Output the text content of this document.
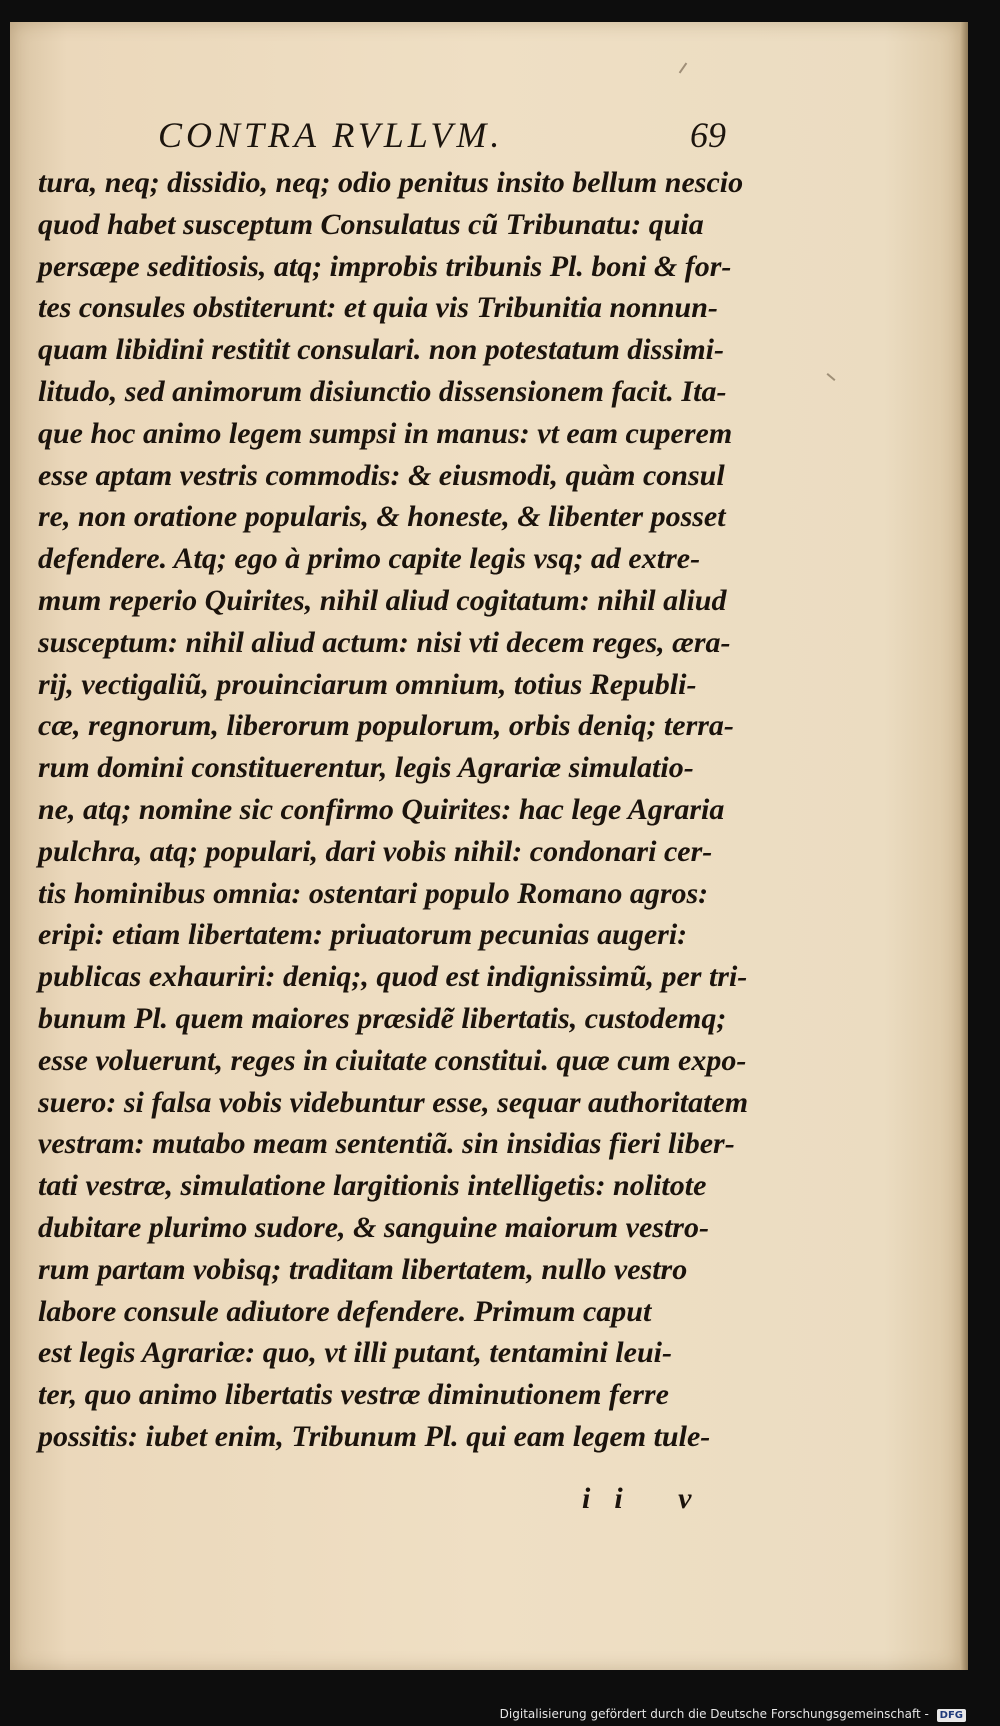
CONTRA RVLLVM.	69
tura, neq; dissidio, neq; odio penitus insito bellum nescio
quod habet susceptum Consulatus cũ Tribunatu: quia
persæpe seditiosis, atq; improbis tribunis Pl. boni & for-
tes consules obstiterunt: et quia vis Tribunitia nonnun-
quam libidini restitit consulari. non potestatum dissimi-
litudo, sed animorum disiunctio dissensionem facit. Ita-
que hoc animo legem sumpsi in manus: vt eam cuperem
esse aptam vestris commodis: & eiusmodi, quàm consul
re, non oratione popularis, & honeste, & libenter posset
defendere. Atq; ego à primo capite legis vsq; ad extre-
mum reperio Quirites, nihil aliud cogitatum: nihil aliud
susceptum: nihil aliud actum: nisi vti decem reges, æra-
rij, vectigaliũ, prouinciarum omnium, totius Republi-
cæ, regnorum, liberorum populorum, orbis deniq; terra-
rum domini constituerentur, legis Agrariæ simulatio-
ne, atq; nomine sic confirmo Quirites: hac lege Agraria
pulchra, atq; populari, dari vobis nihil: condonari cer-
tis hominibus omnia: ostentari populo Romano agros:
eripi: etiam libertatem: priuatorum pecunias augeri:
publicas exhauriri: deniq;, quod est indignissimũ, per tri-
bunum Pl. quem maiores præsidẽ libertatis, custodemq;
esse voluerunt, reges in ciuitate constitui. quæ cum expo-
suero: si falsa vobis videbuntur esse, sequar authoritatem
vestram: mutabo meam sententiã. sin insidias fieri liber-
tati vestræ, simulatione largitionis intelligetis: nolitote
dubitare plurimo sudore, & sanguine maiorum vestro-
rum partam vobisq; traditam libertatem, nullo vestro
labore consule adiutore defendere. Primum caput
est legis Agrariæ: quo, vt illi putant, tentamini leui-
ter, quo animo libertatis vestræ diminutionem ferre
possitis: iubet enim, Tribunum Pl. qui eam legem tule-
ii v
Digitalisierung gefördert durch die Deutsche Forschungsgemeinschaft - DFG
